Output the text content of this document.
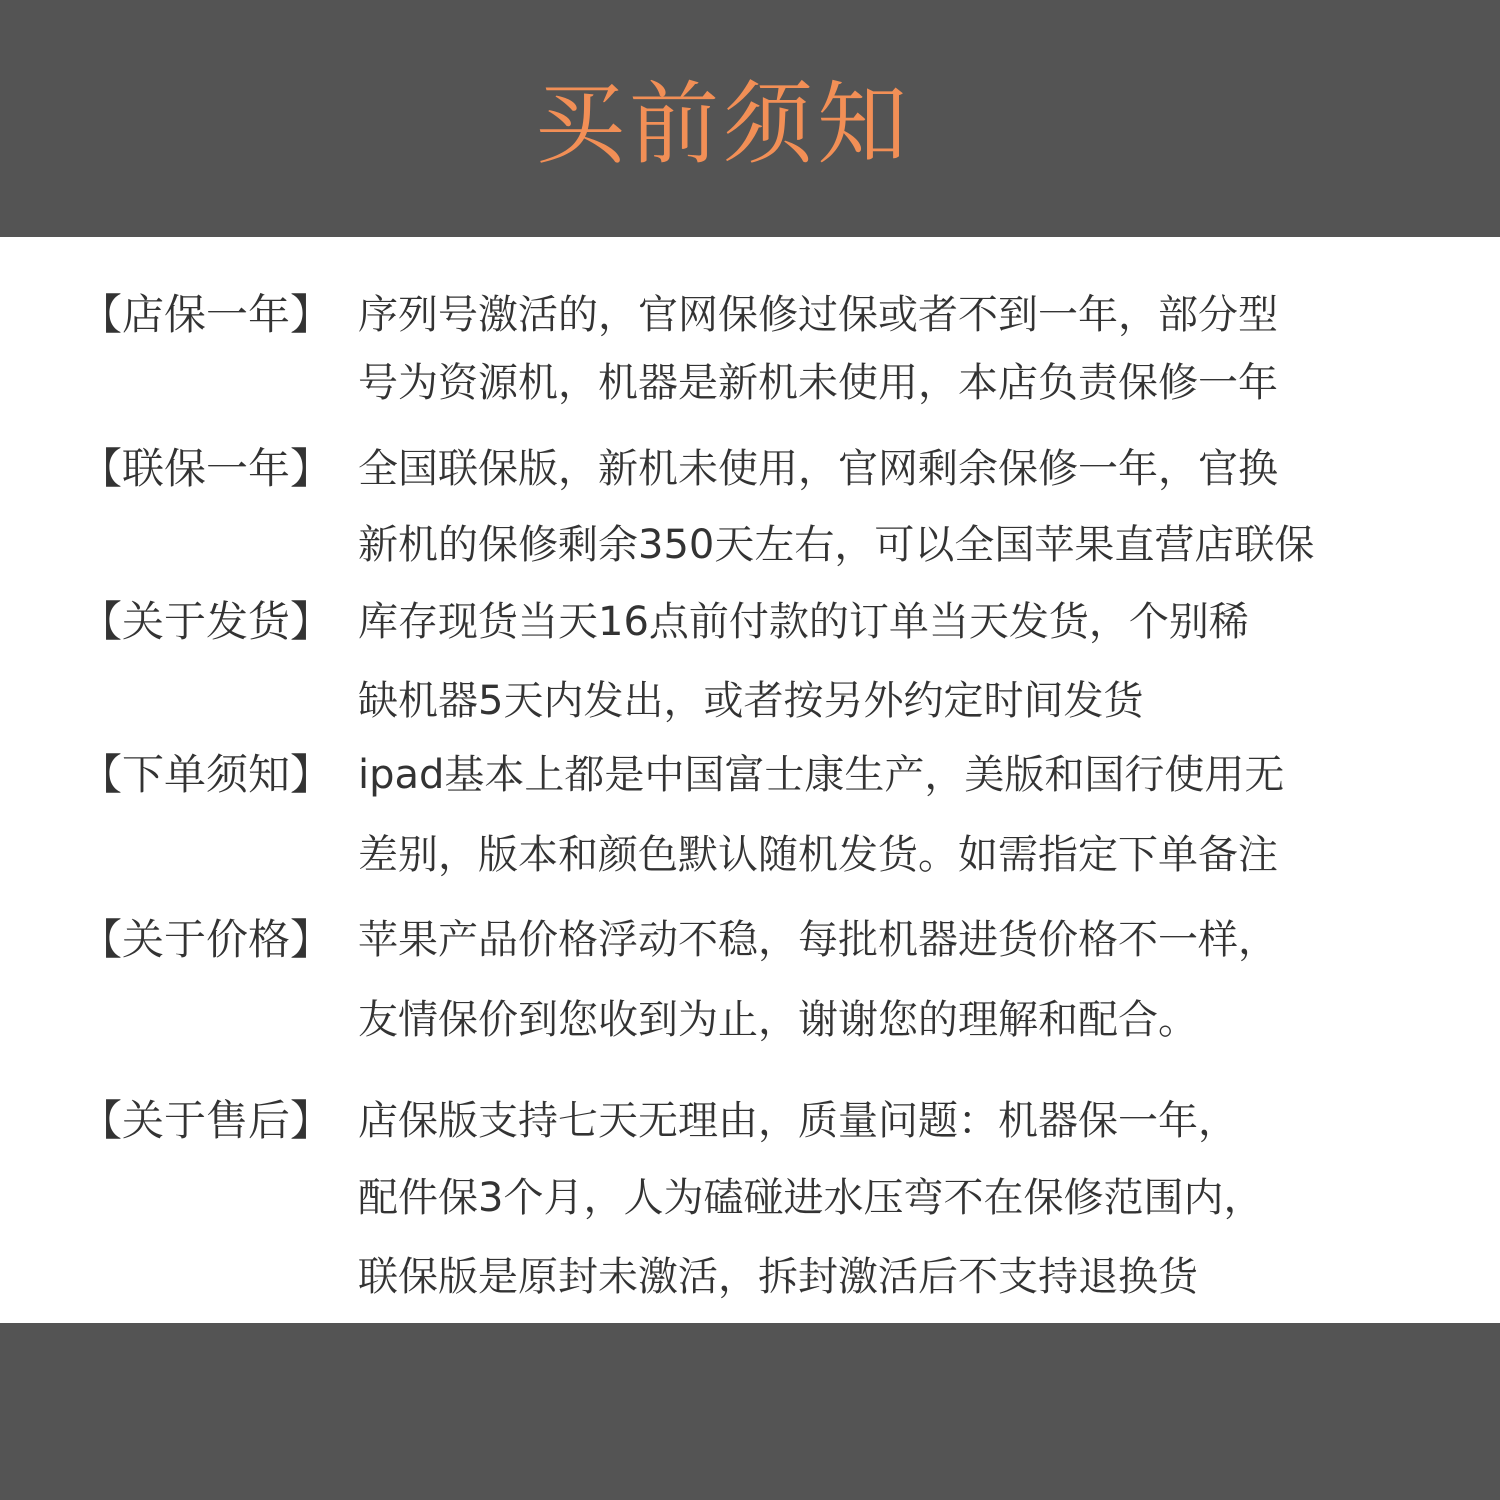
买前须知
【店保一年】 序列号激活的，官网保修过保或者不到一年，部分型
号为资源机，机器是新机未使用，本店负责保修一年
【联保一年】 全国联保版，新机未使用，官网剩余保修一年，官换
新机的保修剩余350天左右，可以全国苹果直营店联保
【关于发货】 库存现货当天16点前付款的订单当天发货，个别稀
缺机器5天内发出，或者按另外约定时间发货
【下单须知】 ipad基本上都是中国富士康生产，美版和国行使用无
差别，版本和颜色默认随机发货。如需指定下单备注
【关于价格】 苹果产品价格浮动不稳，每批机器进货价格不一样，
友情保价到您收到为止，谢谢您的理解和配合。
【关于售后】 店保版支持七天无理由，质量问题：机器保一年，
配件保3个月，人为磕碰进水压弯不在保修范围内，
联保版是原封未激活，拆封激活后不支持退换货
